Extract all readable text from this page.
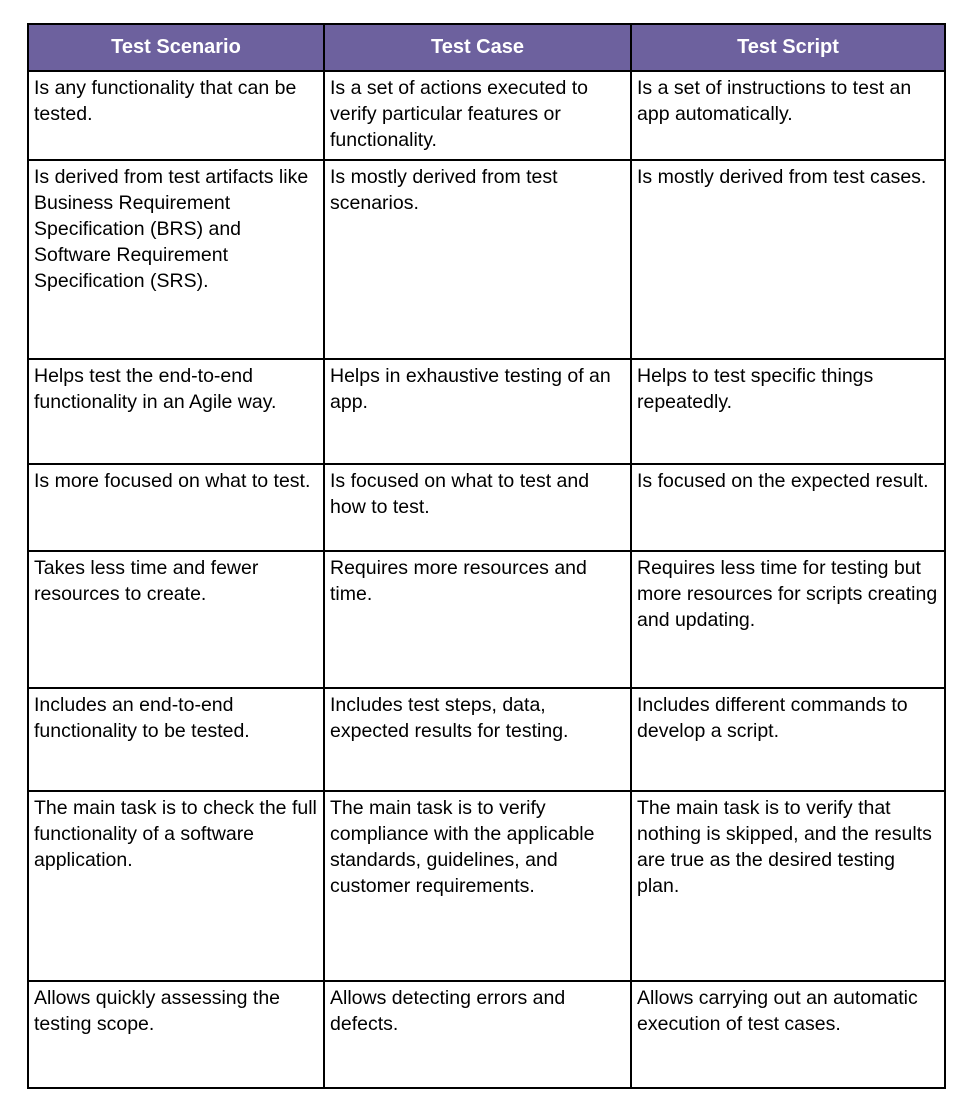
Test Scenario	Test Case	Test Script
Is any functionality that can be tested.	Is a set of actions executed to verify particular features or functionality.	Is a set of instructions to test an app automatically.
Is derived from test artifacts like Business Requirement Specification (BRS) and Software Requirement Specification (SRS).	Is mostly derived from test scenarios.	Is mostly derived from test cases.
Helps test the end-to-end functionality in an Agile way.	Helps in exhaustive testing of an app.	Helps to test specific things repeatedly.
Is more focused on what to test.	Is focused on what to test and how to test.	Is focused on the expected result.
Takes less time and fewer resources to create.	Requires more resources and time.	Requires less time for testing but more resources for scripts creating and updating.
Includes an end-to-end functionality to be tested.	Includes test steps, data, expected results for testing.	Includes different commands to develop a script.
The main task is to check the full functionality of a software application.	The main task is to verify compliance with the applicable standards, guidelines, and customer requirements.	The main task is to verify that nothing is skipped, and the results are true as the desired testing plan.
Allows quickly assessing the testing scope.	Allows detecting errors and defects.	Allows carrying out an automatic execution of test cases.
